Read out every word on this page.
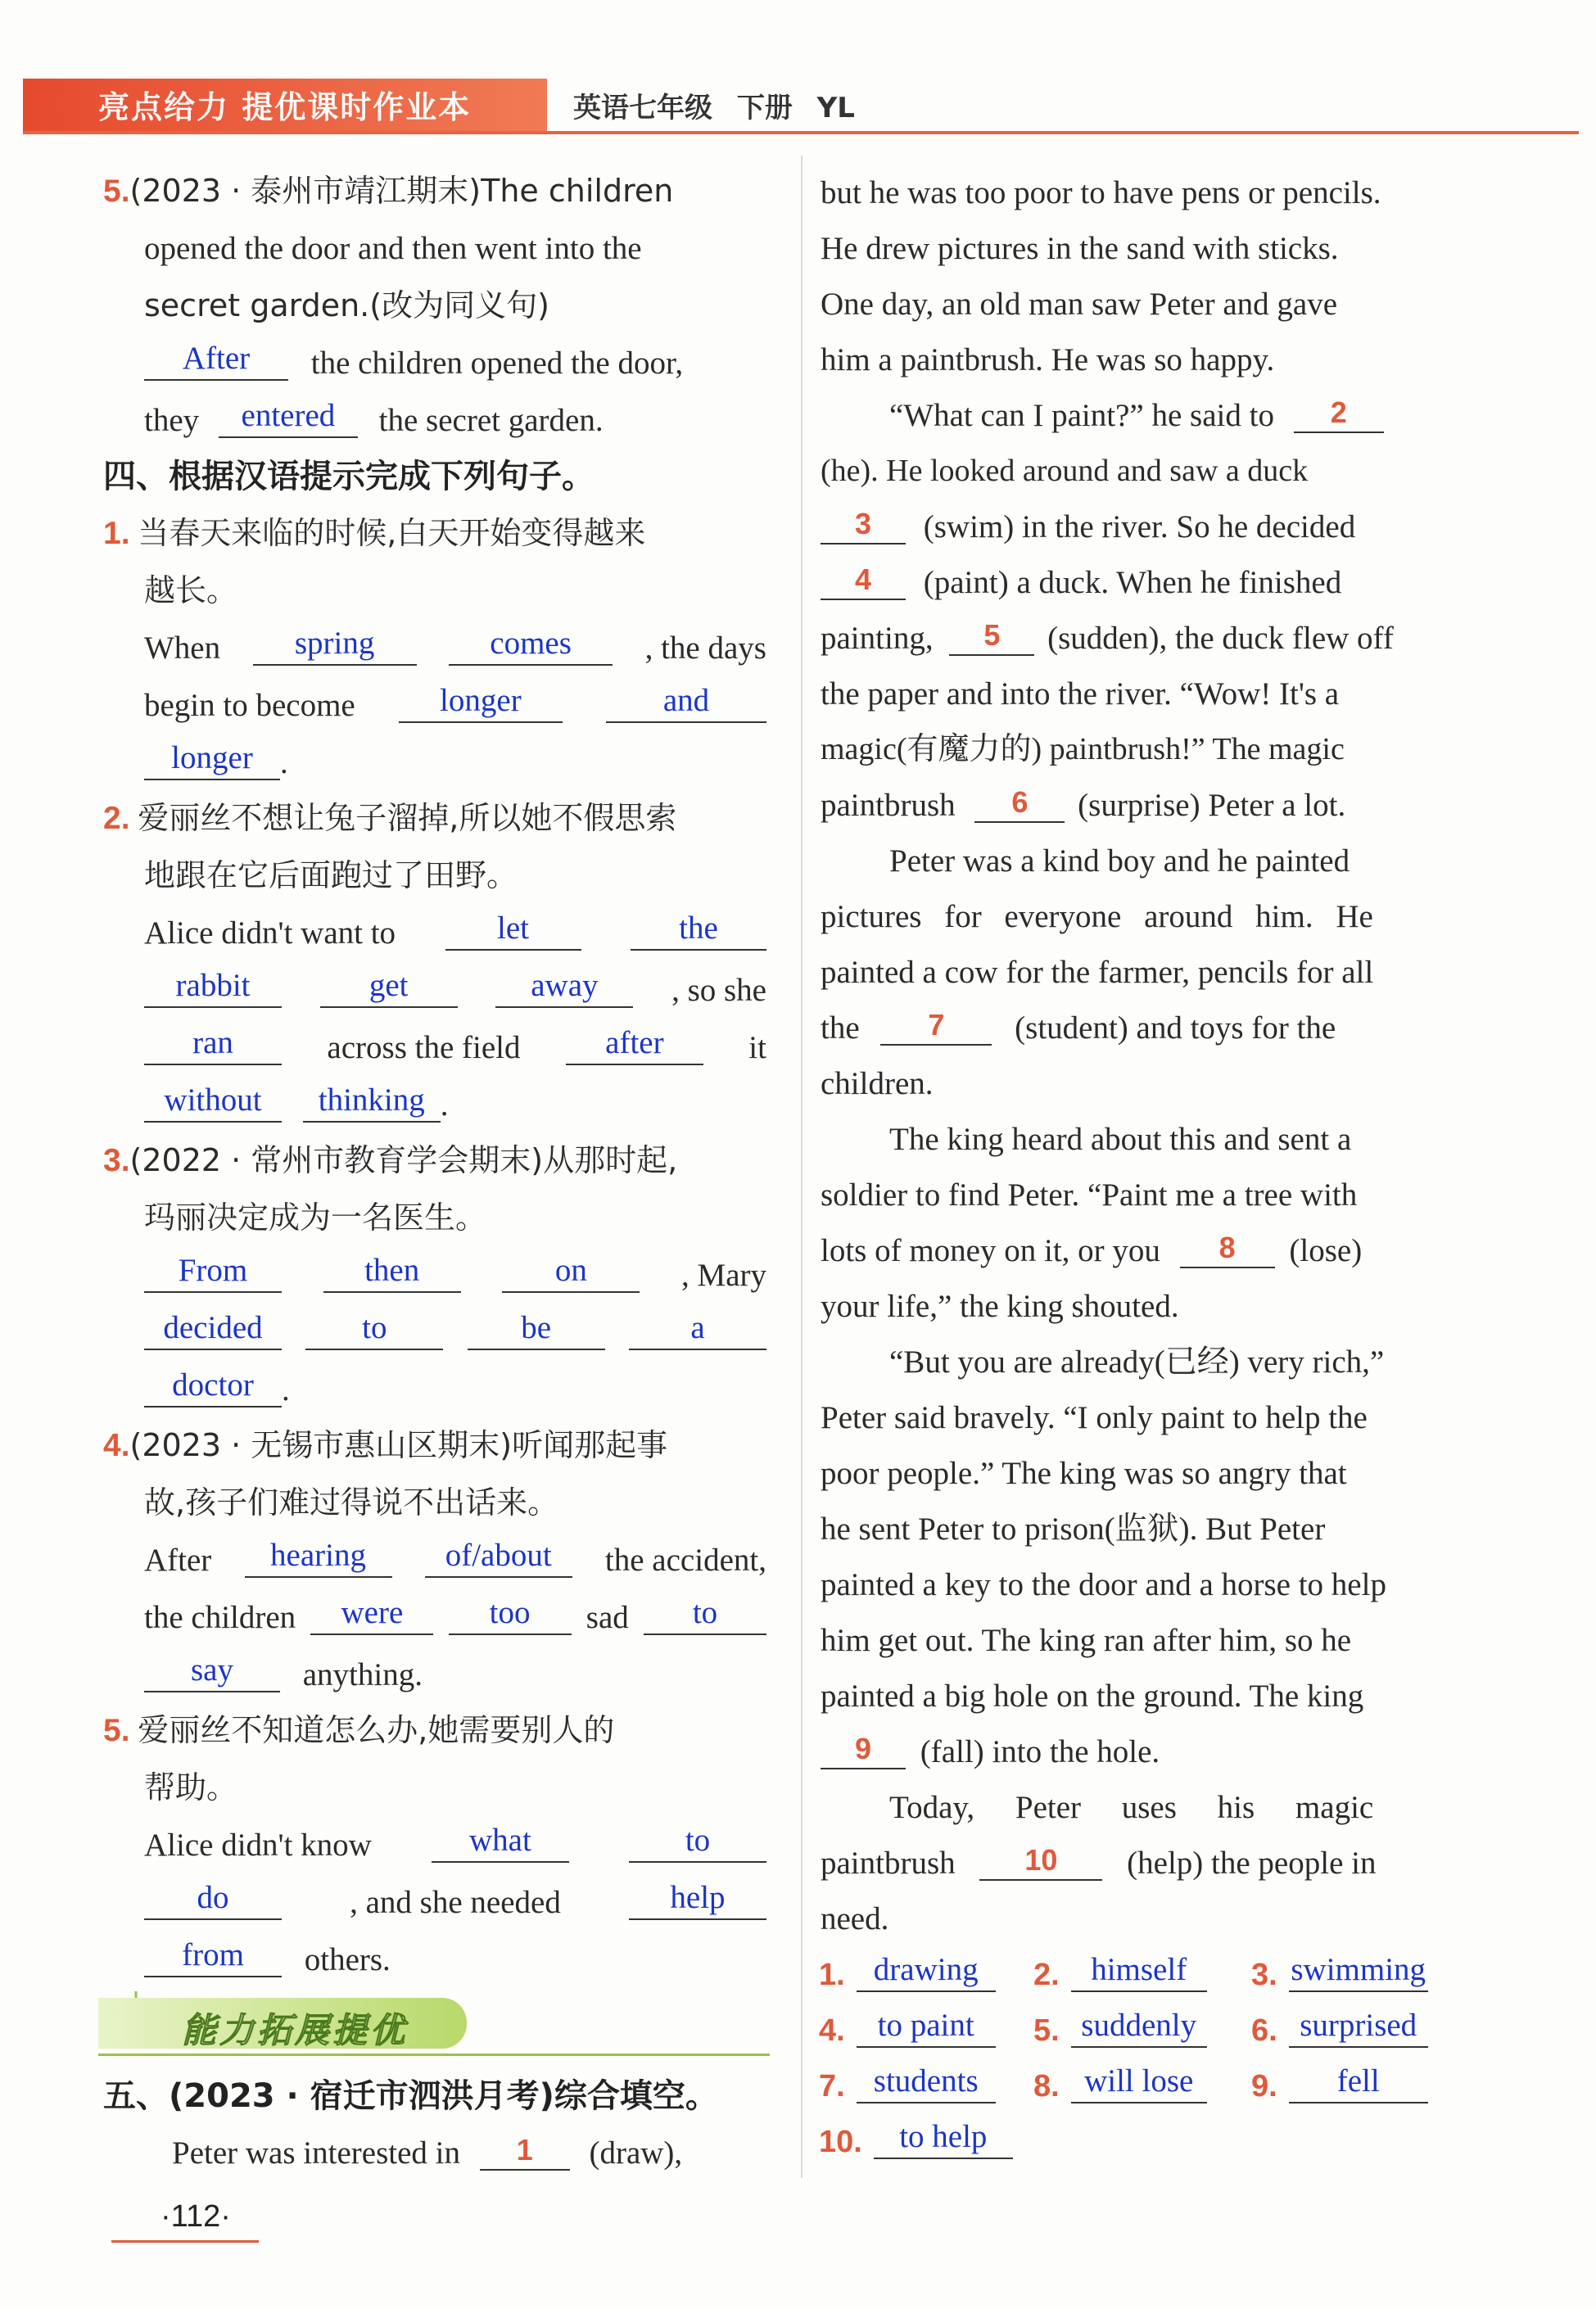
亮点给力 提优课时作业本	英语七年级 下册 YL
5.(2023 · 泰州市靖江期末)The children
opened the door and then went into the
secret garden.(改为同义句)
After the children opened the door,
they entered the secret garden.
四、根据汉语提示完成下列句子。
1. 当春天来临的时候,白天开始变得越来
越长。
When	spring	comes	, the days
begin to become	longer	and
longer .
2. 爱丽丝不想让兔子溜掉,所以她不假思索
地跟在它后面跑过了田野。
Alice didn't want to	let	the
rabbit	get	away	, so she
ran	across the field	after	it
without thinking .
3.(2022 · 常州市教育学会期末)从那时起,
玛丽决定成为一名医生。
From	then	on	, Mary
decided	to	be	a
doctor .
4.(2023 · 无锡市惠山区期末)听闻那起事
故,孩子们难过得说不出话来。
After	hearing	of/about	the accident,
the children	were	too	sad	to
say anything.
5. 爱丽丝不知道怎么办,她需要别人的
帮助。
Alice didn't know	what	to
do	, and she needed	help
from others.
能力拓展提优
五、(2023 · 宿迁市泗洪月考)综合填空。
Peter was interested in 1 (draw),
but he was too poor to have pens or pencils.
He drew pictures in the sand with sticks.
One day, an old man saw Peter and gave
him a paintbrush. He was so happy.
“What can I paint?” he said to 2
(he). He looked around and saw a duck
3 (swim) in the river. So he decided
4 (paint) a duck. When he finished
painting, 5 (sudden), the duck flew off
the paper and into the river. “Wow! It's a
magic(有魔力的) paintbrush!” The magic
paintbrush 6 (surprise) Peter a lot.
Peter was a kind boy and he painted
pictures for everyone around him. He
painted a cow for the farmer, pencils for all
the 7 (student) and toys for the
children.
The king heard about this and sent a
soldier to find Peter. “Paint me a tree with
lots of money on it, or you 8 (lose)
your life,” the king shouted.
“But you are already(已经) very rich,”
Peter said bravely. “I only paint to help the
poor people.” The king was so angry that
he sent Peter to prison(监狱). But Peter
painted a key to the door and a horse to help
him get out. The king ran after him, so he
painted a big hole on the ground. The king
9 (fall) into the hole.
Today, Peter uses his magic
paintbrush 10 (help) the people in
need.
1. drawing	2. himself	3. swimming
4. to paint	5. suddenly	6. surprised
7. students	8. will lose	9. fell
10. to help
·112·
